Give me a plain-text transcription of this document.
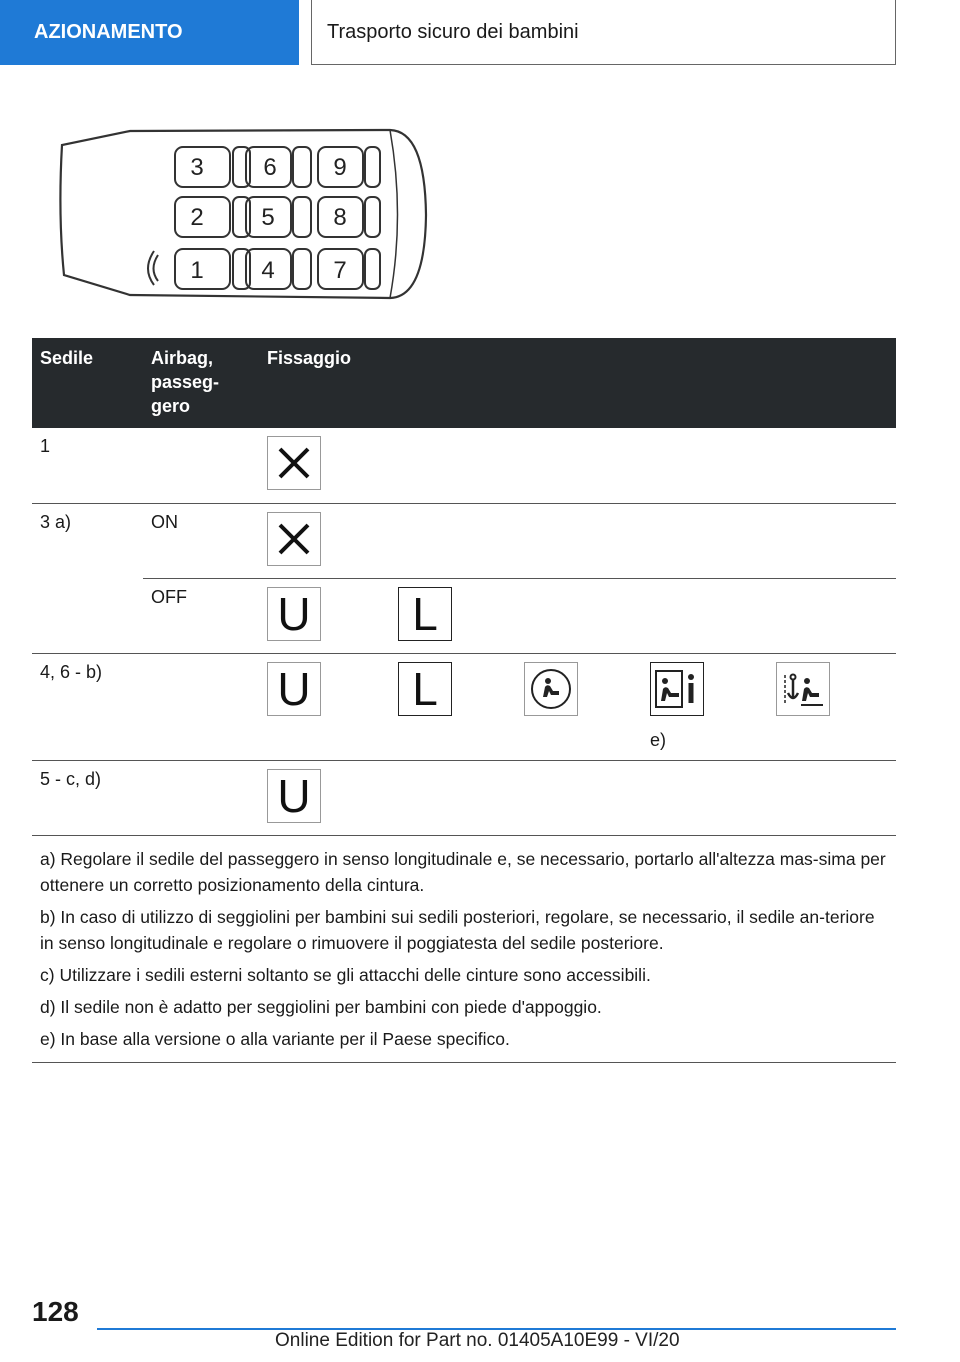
AZIONAMENTO	Trasporto sicuro dei bambini
3 6 9
2 5 8
1 4 7
Sedile	Airbag,
passeg-
gero	Fissaggio
1		

3 a)	ON	

	OFF	U L

4, 6 - b)		U L
e)

5 - c, d)		U

a) Regolare il sedile del passeggero in senso longitudinale e, se necessario, portarlo all'altezza mas-sima per ottenere un corretto posizionamento della cintura.

b) In caso di utilizzo di seggiolini per bambini sui sedili posteriori, regolare, se necessario, il sedile an-teriore in senso longitudinale e regolare o rimuovere il poggiatesta del sedile posteriore.

c) Utilizzare i sedili esterni soltanto se gli attacchi delle cinture sono accessibili.

d) Il sedile non è adatto per seggiolini per bambini con piede d'appoggio.

e) In base alla versione o alla variante per il Paese specifico.		

128
Online Edition for Part no. 01405A10E99 - VI/20
